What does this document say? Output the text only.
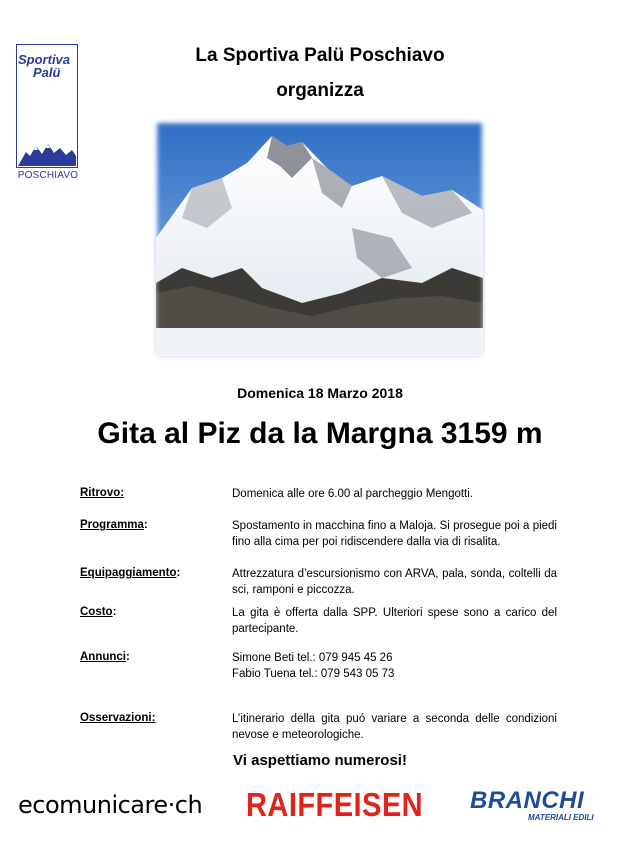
Sportiva
Palü
POSCHIAVO
La Sportiva Palü Poschiavo
organizza
Domenica 18 Marzo 2018
Gita al Piz da la Margna 3159 m
Ritrovo:	Domenica alle ore 6.00 al parcheggio Mengotti.
Programma:	Spostamento in macchina fino a Maloja. Si prosegue poi a piedi fino alla cima per poi ridiscendere dalla via di risalita.
Equipaggiamento:	Attrezzatura d’escursionismo con ARVA, pala, sonda, coltelli da sci, ramponi e piccozza.
Costo:	La gita è offerta dalla SPP. Ulteriori spese sono a carico del partecipante.
Annunci:	Simone Beti tel.: 079 945 45 26
Fabio Tuena tel.: 079 543 05 73
Osservazioni:	L’itinerario della gita puó variare a seconda delle condizioni nevose e meteorologiche.
Vi aspettiamo numerosi!
ecomunicare·ch RAIFFEISEN BRANCHI
MATERIALI EDILI
